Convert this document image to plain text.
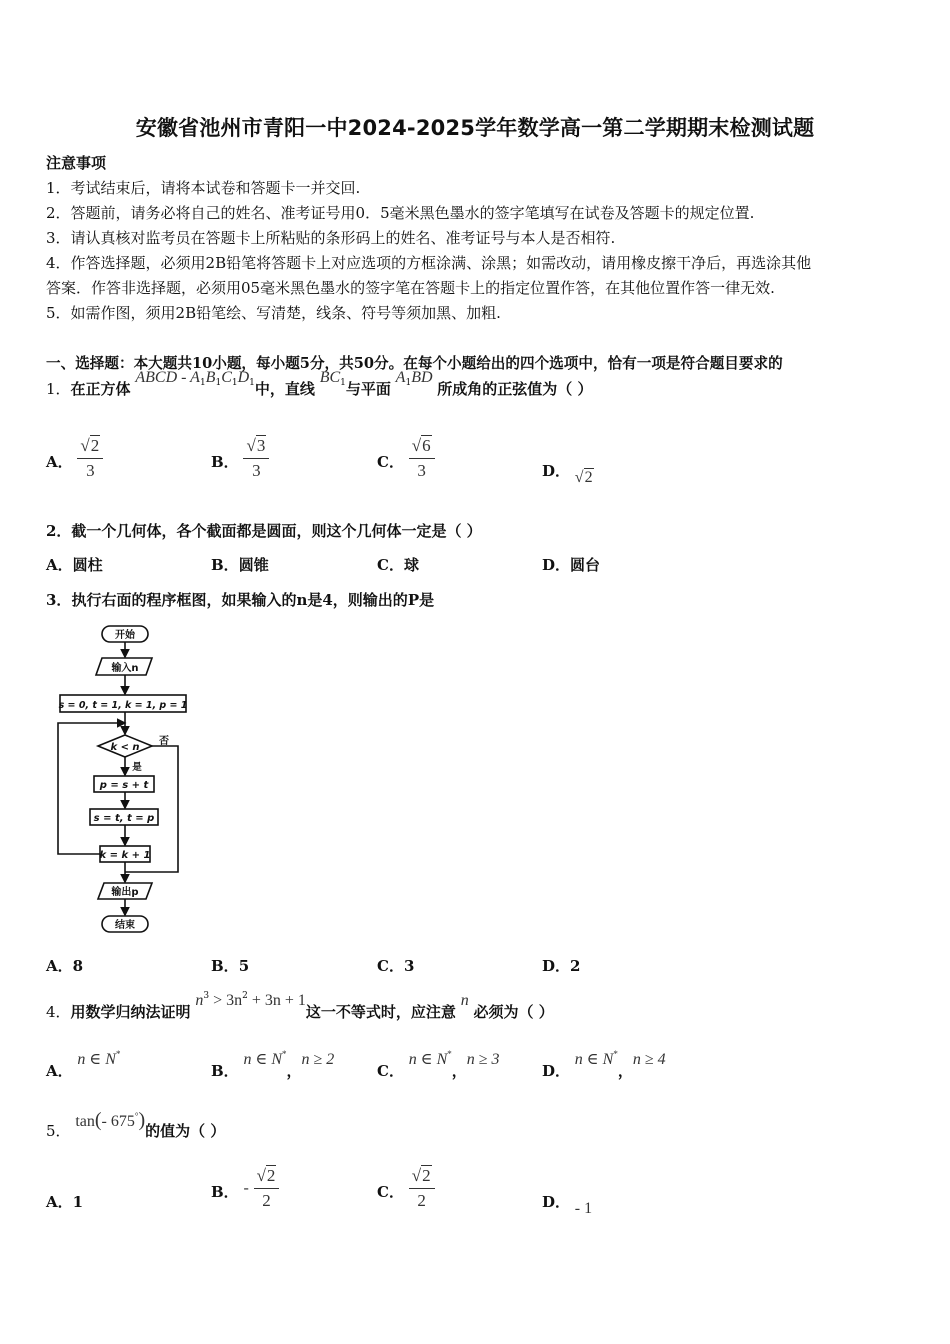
安徽省池州市青阳一中2024-2025学年数学高一第二学期期末检测试题
注意事项
1．考试结束后，请将本试卷和答题卡一并交回.
2．答题前，请务必将自己的姓名、准考证号用0．5毫米黑色墨水的签字笔填写在试卷及答题卡的规定位置.
3．请认真核对监考员在答题卡上所粘贴的条形码上的姓名、准考证号与本人是否相符.
4．作答选择题，必须用2B铅笔将答题卡上对应选项的方框涂满、涂黑；如需改动，请用橡皮擦干净后，再选涂其他
答案．作答非选择题，必须用05毫米黑色墨水的签字笔在答题卡上的指定位置作答，在其他位置作答一律无效.
5．如需作图，须用2B铅笔绘、写清楚，线条、符号等须加黑、加粗.
一、选择题：本大题共10小题，每小题5分，共50分。在每个小题给出的四个选项中，恰有一项是符合题目要求的
1．在正方体 ABCD - $A_1B_1C_1D_1$中，直线 $BC_1$与平面 $A_1BD$ 所成角的正弦值为（ ）
A． $\frac{√2}{3}$	B． $\frac{√3}{3}$	C． $\frac{√6}{3}$	D． √2
2．截一个几何体，各个截面都是圆面，则这个几何体一定是（ ）
A．圆柱	B．圆锥	C．球	D．圆台
3．执行右面的程序框图，如果输入的n是4，则输出的P是
开始
输入n
s = 0, t = 1, k = 1, p = 1
k < n
否
是
p = s + t
s = t, t = p
k = k + 1
输出p
结束
A．8	B．5	C．3	D．2
4．用数学归纳法证明 $n^3 > 3n^2 + 3n + 1$这一不等式时，应注意 n 必须为（ ）
A． n ∈ N*
B． n ∈ N*，n ≥ 2
C． n ∈ N*，n ≥ 3
D． n ∈ N*，n ≥ 4
5． tan(- 675°)的值为（ ）
A．1
B． - $\frac{√2}{2}$	C． $\frac{√2}{2}$	D． - 1
